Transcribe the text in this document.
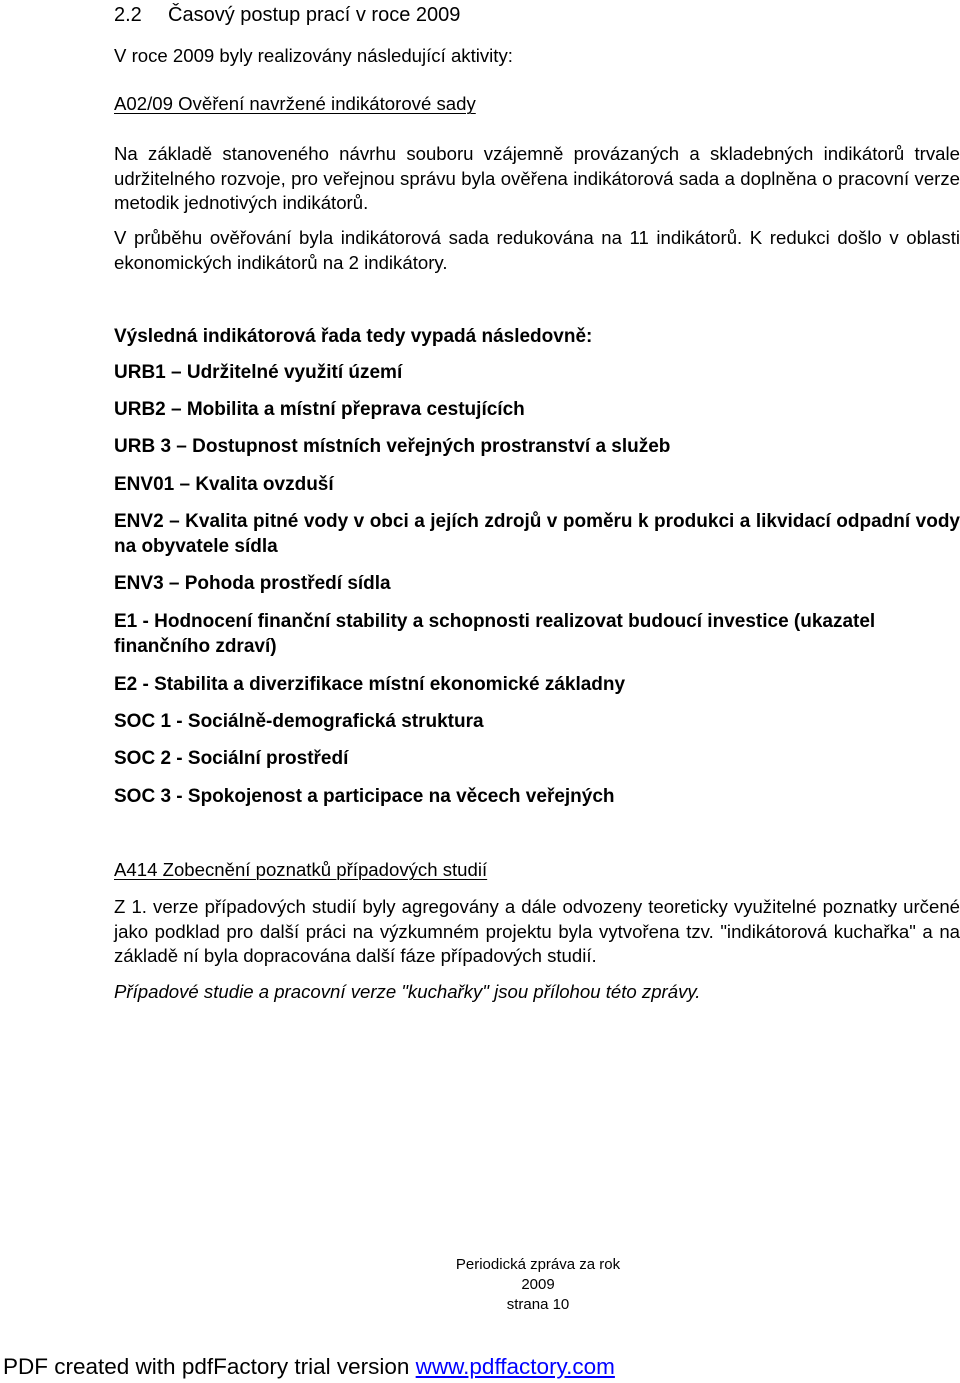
2.2 Časový postup prací v roce 2009

V roce 2009 byly realizovány následující aktivity:

A02/09 Ověření navržené indikátorové sady

Na základě stanoveného návrhu souboru vzájemně provázaných a skladebných indikátorů trvale udržitelného rozvoje, pro veřejnou správu byla ověřena indikátorová sada a doplněna o pracovní verze metodik jednotivých indikátorů.

V průběhu ověřování byla indikátorová sada redukována na 11 indikátorů. K redukci došlo v oblasti ekonomických indikátorů na 2 indikátory.

Výsledná indikátorová řada tedy vypadá následovně:

URB1 – Udržitelné využití území

URB2 – Mobilita a místní přeprava cestujících

URB 3 – Dostupnost místních veřejných prostranství a služeb

ENV01 – Kvalita ovzduší

ENV2 – Kvalita pitné vody v obci a jejích zdrojů v poměru k produkci a likvidací odpadní vody na obyvatele sídla

ENV3 – Pohoda prostředí sídla

E1 - Hodnocení finanční stability a schopnosti realizovat budoucí investice (ukazatel finančního zdraví)

E2 - Stabilita a diverzifikace místní ekonomické základny

SOC 1 - Sociálně-demografická struktura

SOC 2 - Sociální prostředí

SOC 3 - Spokojenost a participace na věcech veřejných

A414 Zobecnění poznatků případových studií

Z 1. verze případových studií byly agregovány a dále odvozeny teoreticky využitelné poznatky určené jako podklad pro další práci na výzkumném projektu byla vytvořena tzv. "indikátorová kuchařka" a na základě ní byla dopracována další fáze případových studií.

Případové studie a pracovní verze "kuchařky" jsou přílohou této zprávy.

Periodická zpráva za rok 2009
strana 10
PDF created with pdfFactory trial version www.pdffactory.com
